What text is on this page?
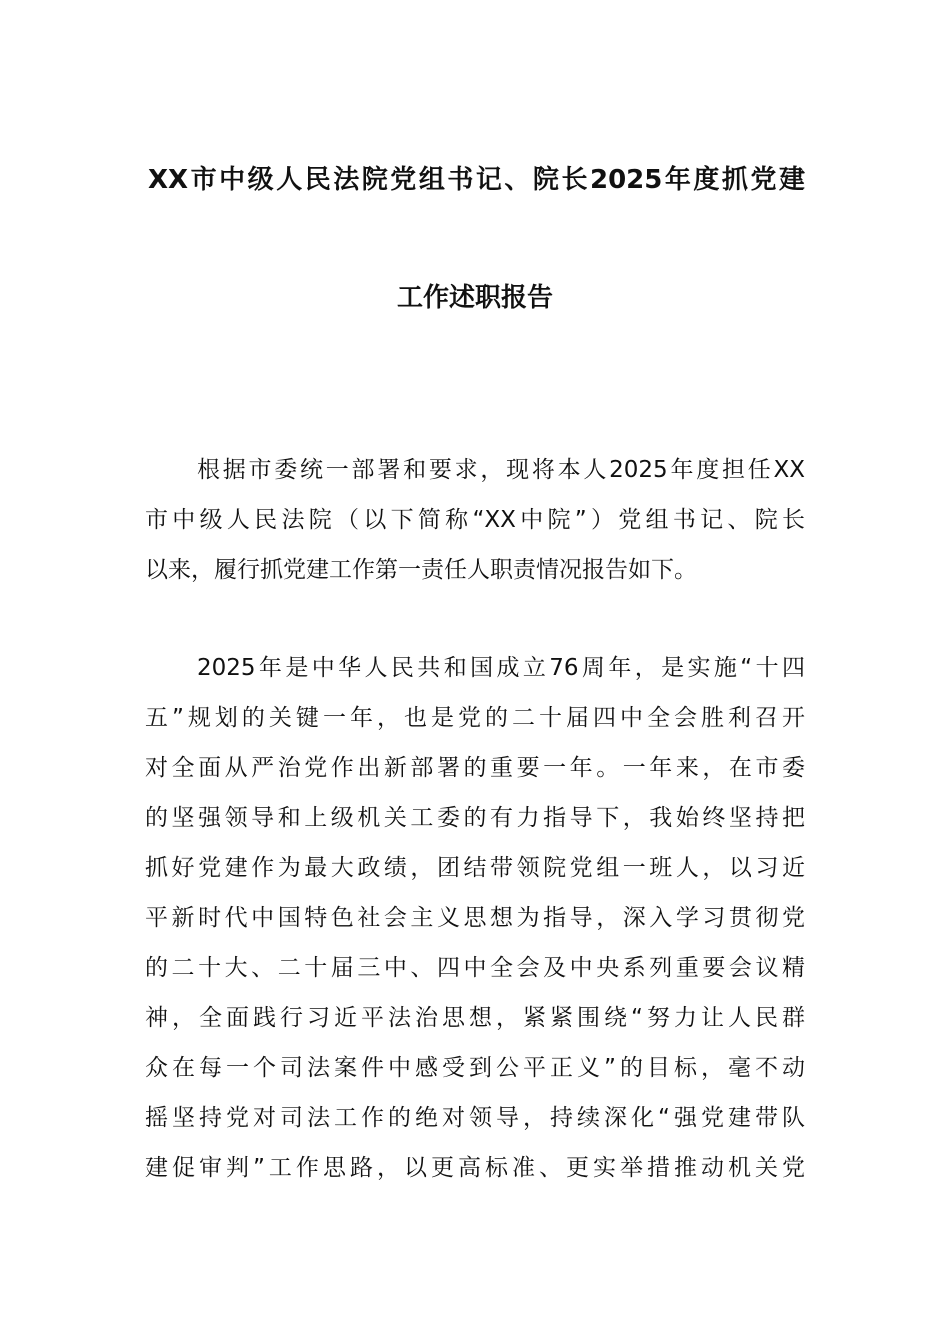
XX市中级人民法院党组书记、院长2025年度抓党建
工作述职报告
根据市委统一部署和要求，现将本人2025年度担任XX
市中级人民法院（以下简称“XX中院”）党组书记、院长
以来，履行抓党建工作第一责任人职责情况报告如下。
2025年是中华人民共和国成立76周年，是实施“十四
五”规划的关键一年，也是党的二十届四中全会胜利召开
对全面从严治党作出新部署的重要一年。一年来，在市委
的坚强领导和上级机关工委的有力指导下，我始终坚持把
抓好党建作为最大政绩，团结带领院党组一班人，以习近
平新时代中国特色社会主义思想为指导，深入学习贯彻党
的二十大、二十届三中、四中全会及中央系列重要会议精
神，全面践行习近平法治思想，紧紧围绕“努力让人民群
众在每一个司法案件中感受到公平正义”的目标，毫不动
摇坚持党对司法工作的绝对领导，持续深化“强党建带队
建促审判”工作思路，以更高标准、更实举措推动机关党
